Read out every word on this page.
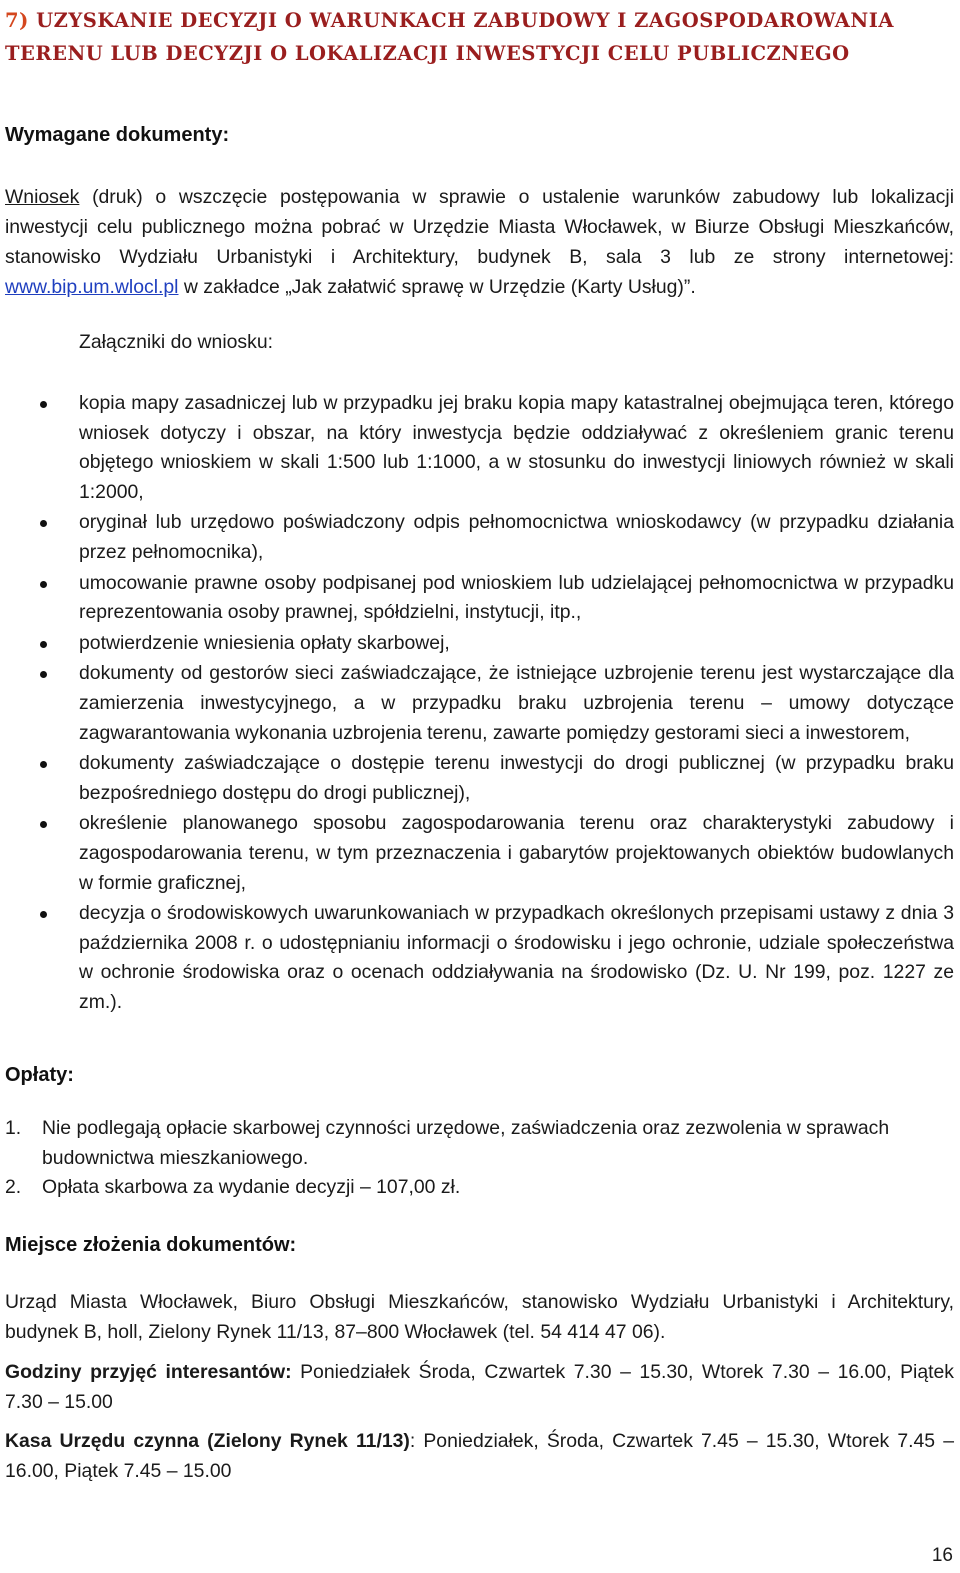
7) UZYSKANIE DECYZJI O WARUNKACH ZABUDOWY I ZAGOSPODAROWANIA TERENU LUB DECYZJI O LOKALIZACJI INWESTYCJI CELU PUBLICZNEGO
Wymagane dokumenty:
Wniosek (druk) o wszczęcie postępowania w sprawie o ustalenie warunków zabudowy lub lokalizacji inwestycji celu publicznego można pobrać w Urzędzie Miasta Włocławek, w Biurze Obsługi Mieszkańców, stanowisko Wydziału Urbanistyki i Architektury, budynek B, sala 3 lub ze strony internetowej: www.bip.um.wlocl.pl w zakładce „Jak załatwić sprawę w Urzędzie (Karty Usług)”.
Załączniki do wniosku:
kopia mapy zasadniczej lub w przypadku jej braku kopia mapy katastralnej obejmująca teren, którego wniosek dotyczy i obszar, na który inwestycja będzie oddziaływać z określeniem granic terenu objętego wnioskiem w skali 1:500 lub 1:1000, a w stosunku do inwestycji liniowych również w skali 1:2000,
oryginał lub urzędowo poświadczony odpis pełnomocnictwa wnioskodawcy (w przypadku działania przez pełnomocnika),
umocowanie prawne osoby podpisanej pod wnioskiem lub udzielającej pełnomocnictwa w przypadku reprezentowania osoby prawnej, spółdzielni, instytucji, itp.,
potwierdzenie wniesienia opłaty skarbowej,
dokumenty od gestorów sieci zaświadczające, że istniejące uzbrojenie terenu jest wystarczające dla zamierzenia inwestycyjnego, a w przypadku braku uzbrojenia terenu – umowy dotyczące zagwarantowania wykonania uzbrojenia terenu, zawarte pomiędzy gestorami sieci a inwestorem,
dokumenty zaświadczające o dostępie terenu inwestycji do drogi publicznej (w przypadku braku bezpośredniego dostępu do drogi publicznej),
określenie planowanego sposobu zagospodarowania terenu oraz charakterystyki zabudowy i zagospodarowania terenu, w tym przeznaczenia i gabarytów projektowanych obiektów budowlanych w formie graficznej,
decyzja o środowiskowych uwarunkowaniach w przypadkach określonych przepisami ustawy z dnia 3 października 2008 r. o udostępnianiu informacji o środowisku i jego ochronie, udziale społeczeństwa w ochronie środowiska oraz o ocenach oddziaływania na środowisko (Dz. U. Nr 199, poz. 1227 ze zm.).
Opłaty:
1. Nie podlegają opłacie skarbowej czynności urzędowe, zaświadczenia oraz zezwolenia w sprawach budownictwa mieszkaniowego.
2. Opłata skarbowa za wydanie decyzji – 107,00 zł.
Miejsce złożenia dokumentów:
Urząd Miasta Włocławek, Biuro Obsługi Mieszkańców, stanowisko Wydziału Urbanistyki i Architektury, budynek B, holl, Zielony Rynek 11/13, 87–800 Włocławek (tel. 54 414 47 06).
Godziny przyjęć interesantów: Poniedziałek Środa, Czwartek 7.30 – 15.30, Wtorek 7.30 – 16.00, Piątek 7.30 – 15.00
Kasa Urzędu czynna (Zielony Rynek 11/13): Poniedziałek, Środa, Czwartek 7.45 – 15.30, Wtorek 7.45 – 16.00, Piątek 7.45 – 15.00
16
